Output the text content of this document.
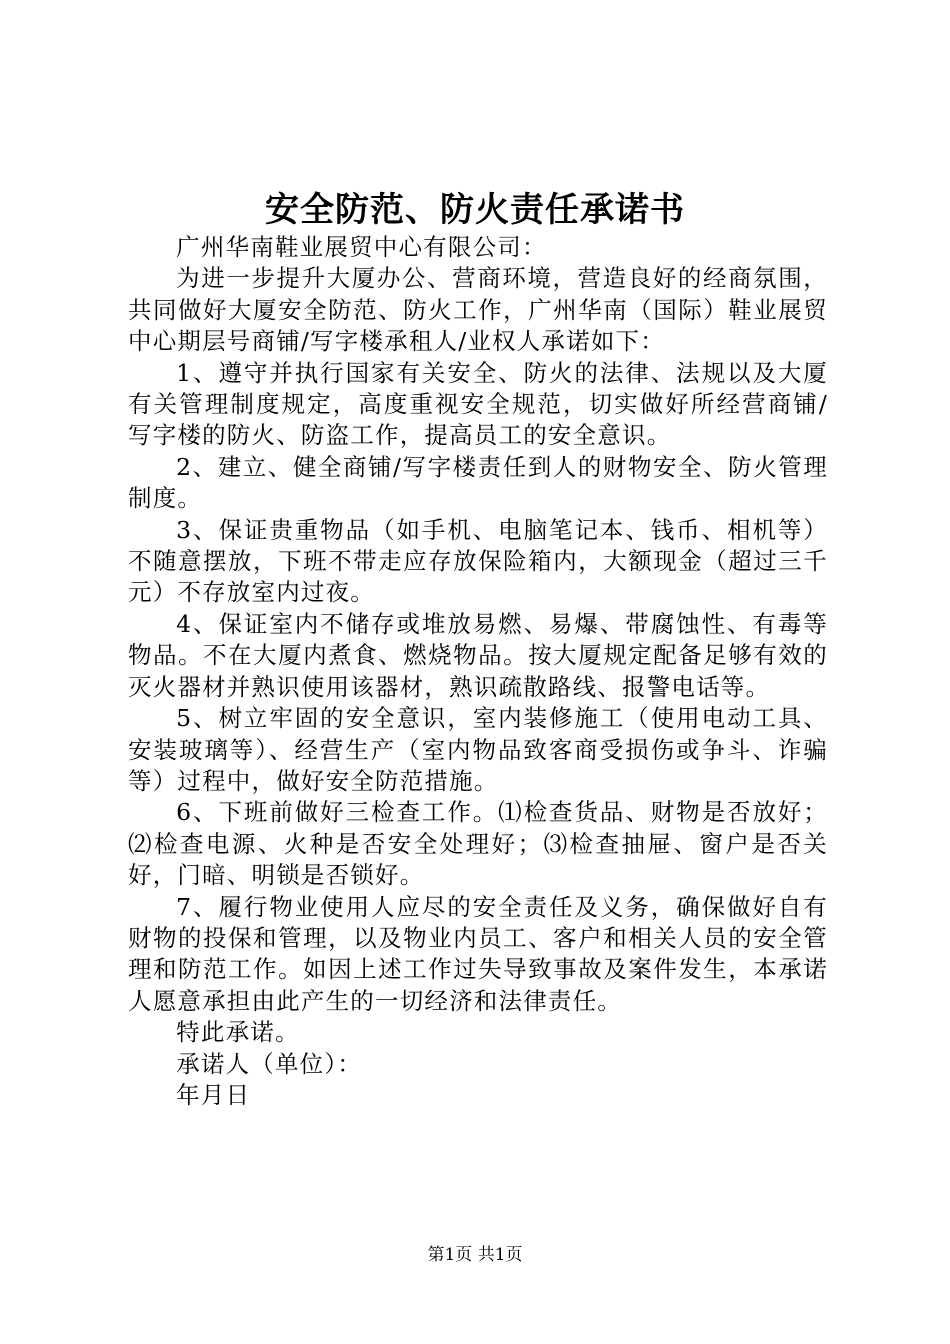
安全防范、防火责任承诺书

广州华南鞋业展贸中心有限公司：

为进一步提升大厦办公、营商环境，营造良好的经商氛围，共同做好大厦安全防范、防火工作，广州华南（国际）鞋业展贸中心期层号商铺/写字楼承租人/业权人承诺如下：

1、遵守并执行国家有关安全、防火的法律、法规以及大厦有关管理制度规定，高度重视安全规范，切实做好所经营商铺/写字楼的防火、防盗工作，提高员工的安全意识。

2、建立、健全商铺/写字楼责任到人的财物安全、防火管理制度。

3、保证贵重物品（如手机、电脑笔记本、钱币、相机等）不随意摆放，下班不带走应存放保险箱内，大额现金（超过三千元）不存放室内过夜。

4、保证室内不储存或堆放易燃、易爆、带腐蚀性、有毒等物品。不在大厦内煮食、燃烧物品。按大厦规定配备足够有效的灭火器材并熟识使用该器材，熟识疏散路线、报警电话等。

5、树立牢固的安全意识，室内装修施工（使用电动工具、安装玻璃等）、经营生产（室内物品致客商受损伤或争斗、诈骗等）过程中，做好安全防范措施。

6、下班前做好三检查工作。⑴检查货品、财物是否放好；⑵检查电源、火种是否安全处理好；⑶检查抽屉、窗户是否关好，门暗、明锁是否锁好。

7、履行物业使用人应尽的安全责任及义务，确保做好自有财物的投保和管理，以及物业内员工、客户和相关人员的安全管理和防范工作。如因上述工作过失导致事故及案件发生，本承诺人愿意承担由此产生的一切经济和法律责任。

特此承诺。

承诺人（单位）：

年月日

第1页 共1页
